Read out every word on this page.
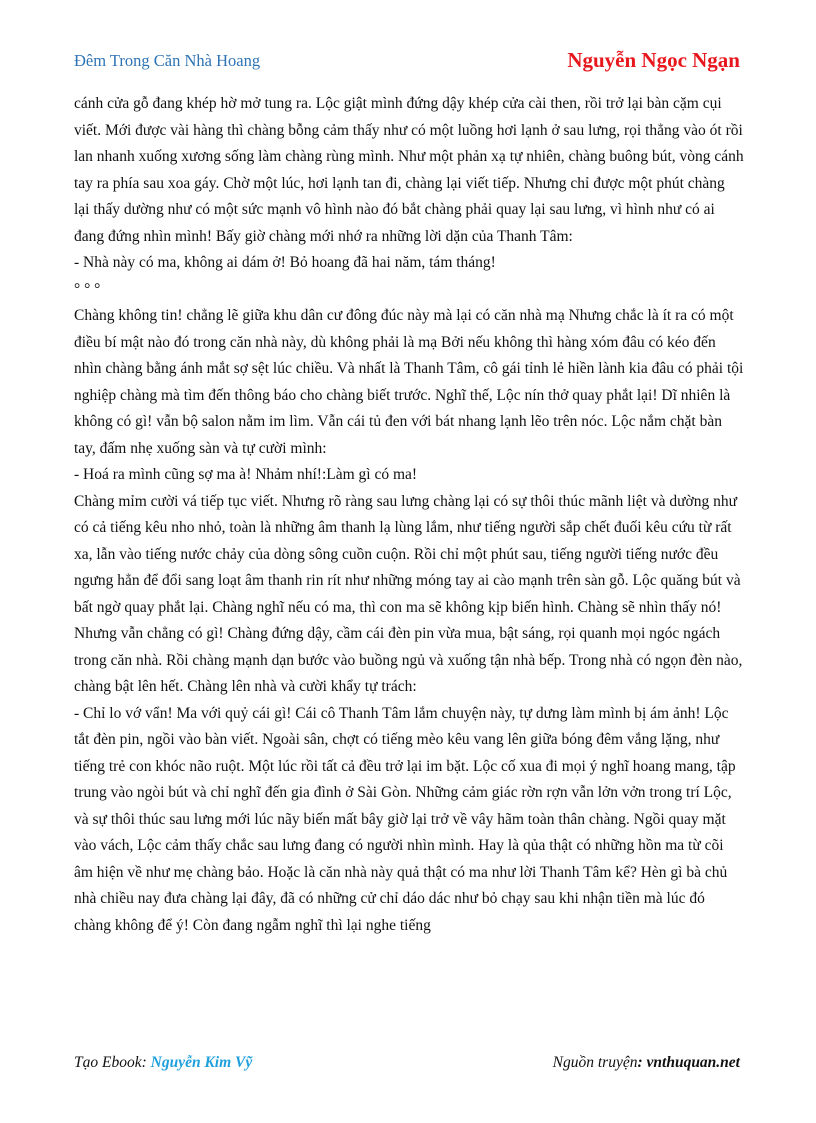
Đêm Trong Căn Nhà Hoang	Nguyễn Ngọc Ngạn

cánh cửa gỗ đang khép hờ mở tung ra. Lộc giật mình đứng dậy khép cửa cài then, rồi trở lại bàn cặm cụi viết. Mới được vài hàng thì chàng bỗng cảm thấy như có một luồng hơi lạnh ở sau lưng, rọi thẳng vào ót rồi lan nhanh xuống xương sống làm chàng rùng mình. Như một phản xạ tự nhiên, chàng buông bút, vòng cánh tay ra phía sau xoa gáy. Chờ một lúc, hơi lạnh tan đi, chàng lại viết tiếp. Nhưng chỉ được một phút chàng lại thấy dường như có một sức mạnh vô hình nào đó bắt chàng phải quay lại sau lưng, vì hình như có ai đang đứng nhìn mình! Bấy giờ chàng mới nhớ ra những lời dặn của Thanh Tâm:

- Nhà này có ma, không ai dám ở! Bỏ hoang đã hai năm, tám tháng!

° ° °

Chàng không tin! chẳng lẽ giữa khu dân cư đông đúc này mà lại có căn nhà mạ Nhưng chắc là ít ra có một điều bí mật nào đó trong căn nhà này, dù không phải là mạ Bởi nếu không thì hàng xóm đâu có kéo đến nhìn chàng bằng ánh mắt sợ sệt lúc chiều. Và nhất là Thanh Tâm, cô gái tỉnh lẻ hiền lành kia đâu có phải tội nghiệp chàng mà tìm đến thông báo cho chàng biết trước. Nghĩ thế, Lộc nín thở quay phắt lại! Dĩ nhiên là không có gì! vẫn bộ salon nằm im lìm. Vẫn cái tủ đen với bát nhang lạnh lẽo trên nóc. Lộc nắm chặt bàn tay, đấm nhẹ xuống sàn và tự cười mình:

- Hoá ra mình cũng sợ ma à! Nhảm nhí!:Làm gì có ma!

Chàng mỉm cười vá tiếp tục viết. Nhưng rõ ràng sau lưng chàng lại có sự thôi thúc mãnh liệt và dường như có cả tiếng kêu nho nhỏ, toàn là những âm thanh lạ lùng lắm, như tiếng người sắp chết đuối kêu cứu từ rất xa, lẫn vào tiếng nước chảy của dòng sông cuồn cuộn. Rồi chỉ một phút sau, tiếng người tiếng nước đều ngưng hẳn để đổi sang loạt âm thanh rin rít như những móng tay ai cào mạnh trên sàn gỗ. Lộc quăng bút và bất ngờ quay phắt lại. Chàng nghĩ nếu có ma, thì con ma sẽ không kịp biến hình. Chàng sẽ nhìn thấy nó! Nhưng vẫn chẳng có gì! Chàng đứng dậy, cầm cái đèn pin vừa mua, bật sáng, rọi quanh mọi ngóc ngách trong căn nhà. Rồi chàng mạnh dạn bước vào buồng ngủ và xuống tận nhà bếp. Trong nhà có ngọn đèn nào, chàng bật lên hết. Chàng lên nhà và cười khẩy tự trách:

- Chỉ lo vớ vẩn! Ma với quỷ cái gì! Cái cô Thanh Tâm lắm chuyện này, tự dưng làm mình bị ám ảnh! Lộc tắt đèn pin, ngồi vào bàn viết. Ngoài sân, chợt có tiếng mèo kêu vang lên giữa bóng đêm vắng lặng, như tiếng trẻ con khóc não ruột. Một lúc rồi tất cả đều trở lại im bặt. Lộc cố xua đi mọi ý nghĩ hoang mang, tập trung vào ngòi bút và chỉ nghĩ đến gia đình ở Sài Gòn. Những cảm giác rờn rợn vẫn lởn vởn trong trí Lộc, và sự thôi thúc sau lưng mới lúc nãy biến mất bây giờ lại trở về vây hãm toàn thân chàng. Ngồi quay mặt vào vách, Lộc cảm thấy chắc sau lưng đang có người nhìn mình. Hay là qủa thật có những hồn ma từ cõi âm hiện về như mẹ chàng bảo. Hoặc là căn nhà này quả thật có ma như lời Thanh Tâm kể? Hèn gì bà chủ nhà chiều nay đưa chàng lại đây, đã có những cử chỉ dáo dác như bỏ chạy sau khi nhận tiền mà lúc đó chàng không để ý! Còn đang ngẫm nghĩ thì lại nghe tiếng

Tạo Ebook: Nguyễn Kim Vỹ	Nguồn truyện: vnthuquan.net
